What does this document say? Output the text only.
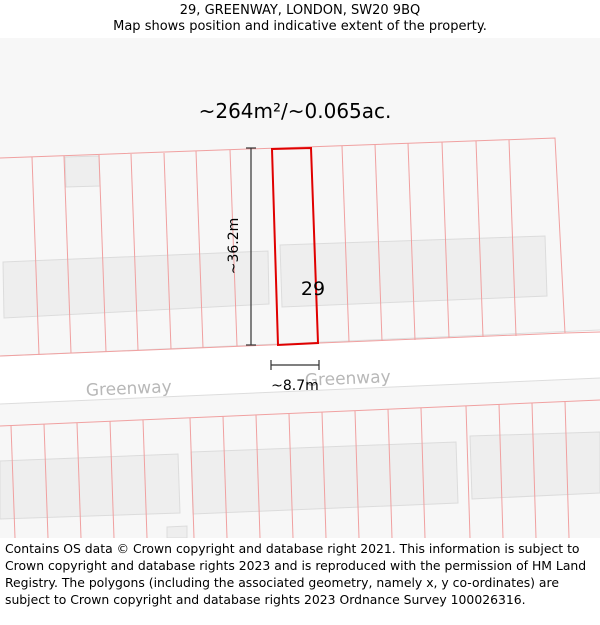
29, GREENWAY, LONDON, SW20 9BQ
Map shows position and indicative extent of the property.
Greenway	Greenway
~36.2m
~8.7m
~264m²/~0.065ac.
29
Contains OS data © Crown copyright and database right 2021. This information is subject to Crown copyright and database rights 2023 and is reproduced with the permission of HM Land Registry. The polygons (including the associated geometry, namely x, y co-ordinates) are subject to Crown copyright and database rights 2023 Ordnance Survey 100026316.
